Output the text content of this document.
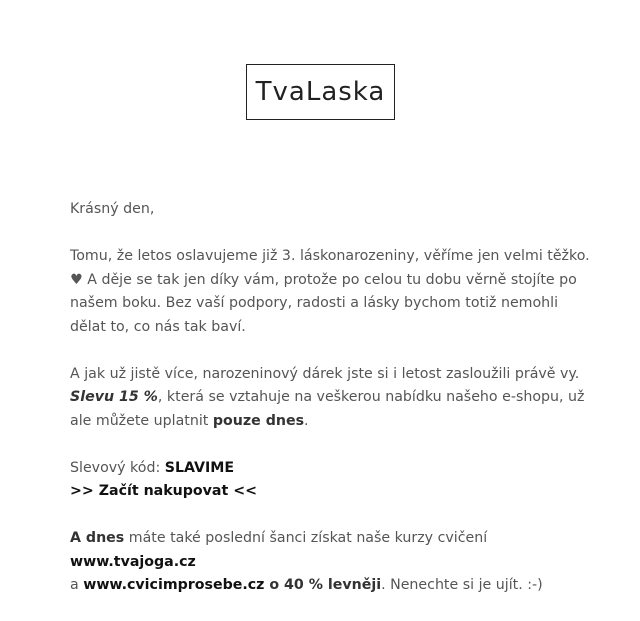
TvaLaska

Krásný den,

Tomu, že letos oslavujeme již 3. láskonarozeniny, věříme jen velmi těžko. ♥ A děje se tak jen díky vám, protože po celou tu dobu věrně stojíte po našem boku. Bez vaší podpory, radosti a lásky bychom totiž nemohli dělat to, co nás tak baví.

A jak už jistě více, narozeninový dárek jste si i letost zasloužili právě vy.
Slevu 15 %, která se vztahuje na veškerou nabídku našeho e-shopu, už ale můžete uplatnit pouze dnes.

Slevový kód: SLAVIME
>> Začít nakupovat <<

A dnes máte také poslední šanci získat naše kurzy cvičení www.tvajoga.cz
a www.cvicimprosebe.cz o 40 % levněji. Nenechte si je ujít. :-)
